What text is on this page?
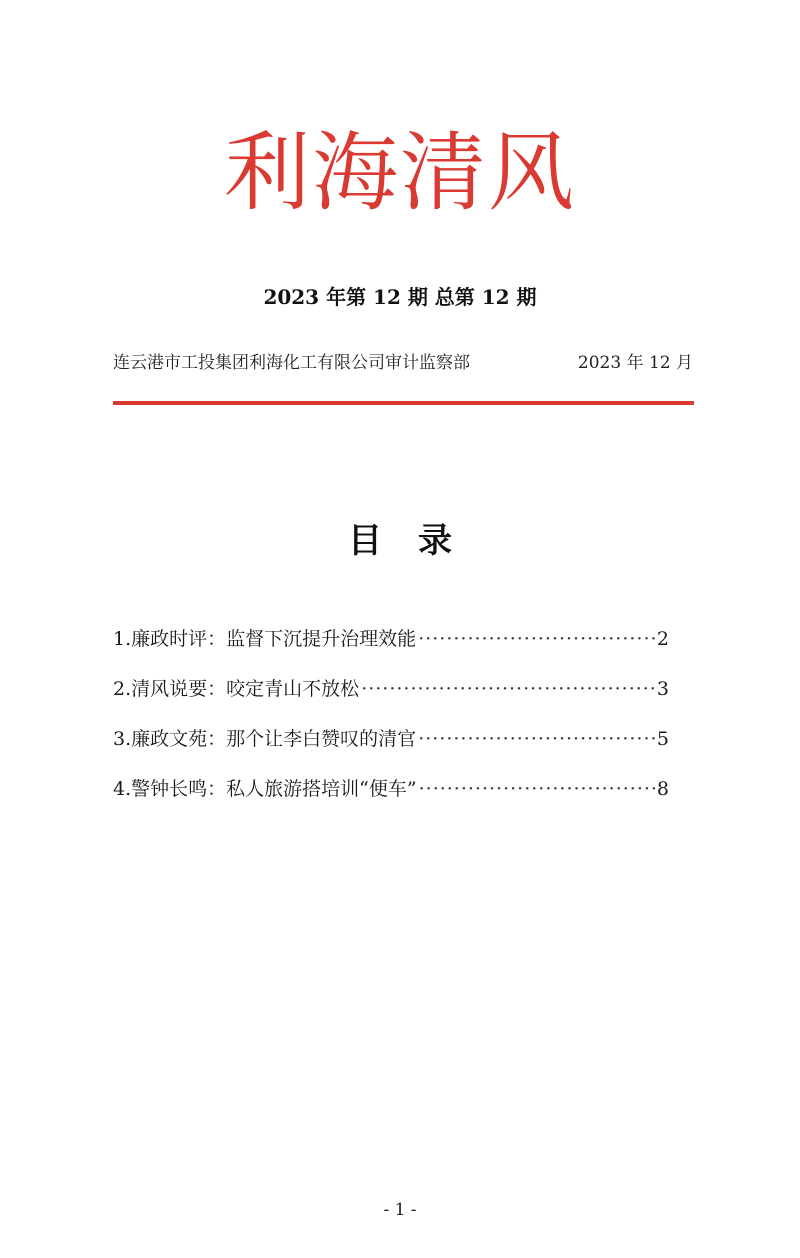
利海清风
2023 年第 12 期 总第 12 期
连云港市工投集团利海化工有限公司审计监察部	2023 年 12 月
目录
1. 廉政时评 ： 监督下沉提升治理效能 ·····	2
2. 清风说要 ： 咬定青山不放松 ·····	3
3. 廉政文苑 ： 那个让李白赞叹的清官 ·····	5
4. 警钟长鸣 ： 私人旅游搭培训“便车” ·····	8
- 1 -
